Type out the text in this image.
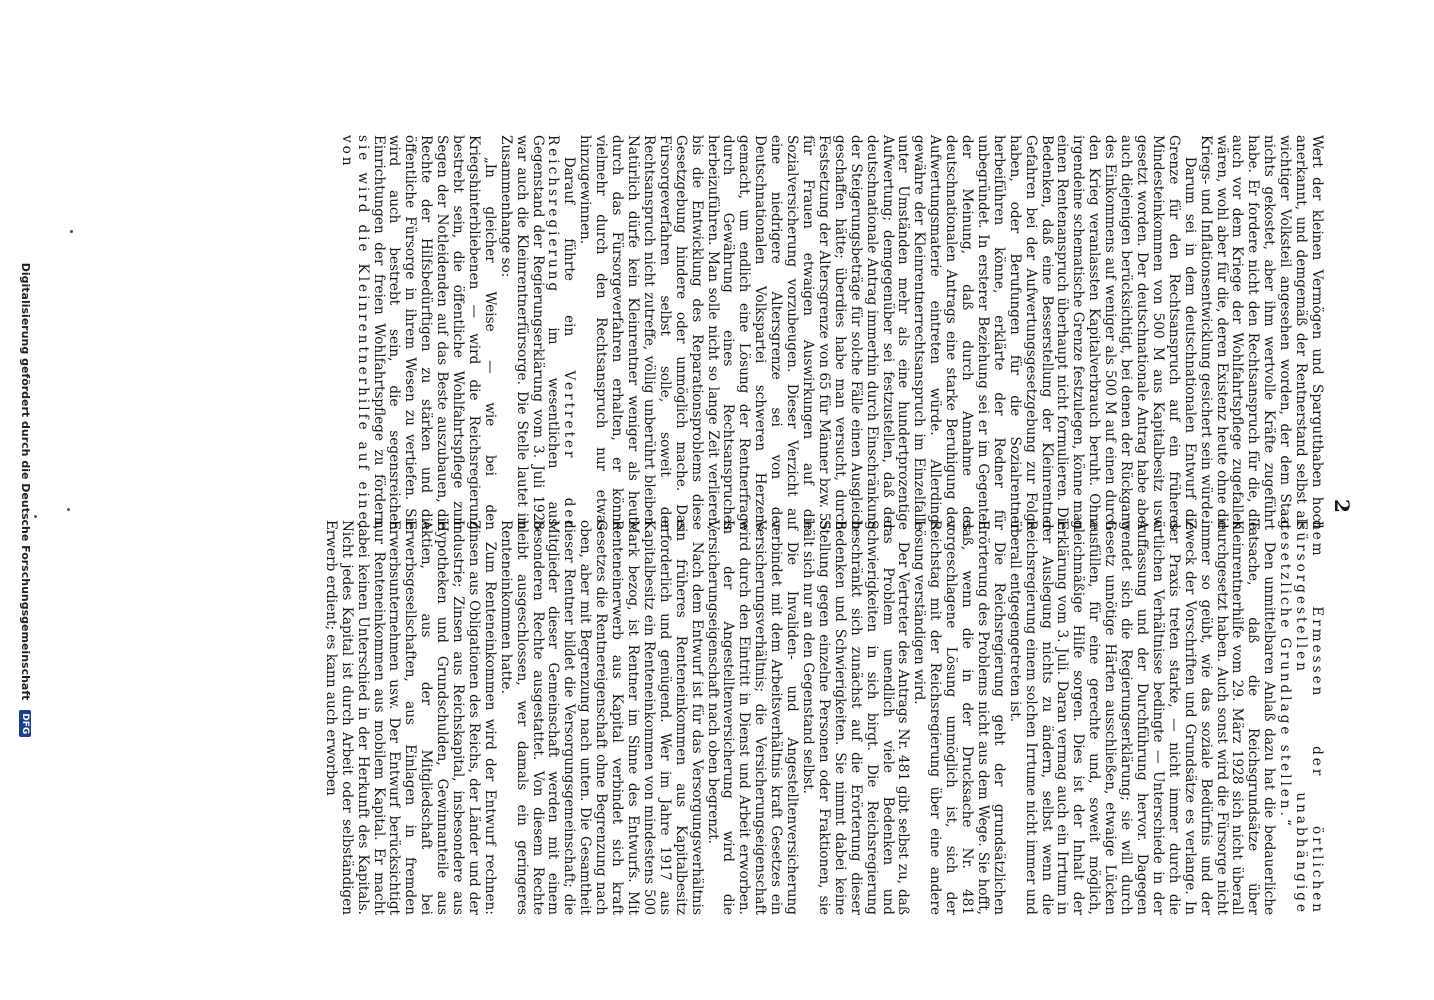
2

Wert der kleinen Vermögen und Spargutthaben hoch anerkannt, und demgemäß der Rentnerstand selbst als wichtiger Volksteil angesehen worden, der dem Staat nichts gekostet, aber ihm wertvolle Kräfte zugeführt habe. Er fordere nicht den Rechtsanspruch für die, die auch vor dem Kriege der Wohlfahrtspflege zugefallen wären, wohl aber für die, deren Existenz heute ohne die Kriegs- und Inflationsentwicklung gesichert sein würde.

Darum sei in dem deutschnationalen Entwurf die Grenze für den Rechtsanspruch auf ein früheres Mindesteinkommen von 500 M aus Kapitalbesitz usw. gesetzt worden. Der deutschnationale Antrag habe aber auch diejenigen berücksichtigt, bei denen der Rückgang des Einkommens auf weniger als 500 M auf einen durch den Krieg veranlassten Kapitalverbrauch beruht. Ohne irgendeine schematische Grenze festzulegen, könne man einen Rentenanspruch überhaupt nicht formulieren. Die Bedenken, daß eine Besserstellung der Kleinrentner Gefahren bei der Aufwertungsgesetzgebung zur Folge haben, oder Berufungen für die Sozialrentner herbeiführen könne, erklärte der Redner für unbegründet. In ersterer Beziehung sei er im Gegenteil der Meinung, daß durch Annahme des deutschnationalen Antrags eine starke Beruhigung der Aufwertungsmaterie eintreten würde. Allerdings gewähre der Kleinrentnerrechtsanspruch im Einzelfalle unter Umständen mehr als eine hundertprozentige Aufwertung; demgegenüber sei festzustellen, daß der deutschnationale Antrag immerhin durch Einschränkung der Steigerungsbeträge für solche Fälle einen Ausgleich geschaffen hätte; überdies habe man versucht, durch Festsetzung der Altersgrenze von 65 für Männer bzw. 55 für Frauen etwaigen Auswirkungen auf die Sozialversicherung vorzubeugen. Dieser Verzicht auf eine niedrigere Altersgrenze sei von der Deutschnationalen Volkspartei schweren Herzens gemacht, um endlich eine Lösung der Rentnerfrage durch Gewährung eines Rechtsanspruches herbeizuführen. Man solle nicht so lange Zeit verlieren, bis die Entwicklung des Reparationsproblems diese Gesetzgebung hindere oder unmöglich mache. Das Fürsorgeverfahren selbst solle, soweit der Rechtsanspruch nicht zutreffe, völlig unberührt bleiben. Natürlich dürfe kein Kleinrentner weniger als heute durch das Fürsorgeverfahren erhalten, er könne vielmehr durch den Rechtsanspruch nur etwas hinzugewinnen.

Darauf führte ein Vertreter der Reichsregierung im wesentlichen aus: Gegenstand der Regierungserklärung vom 3. Juli 1928 war auch die Kleinrentnerfürsorge. Die Stelle lautet im Zusammenhange so:

„In gleicher Weise — wie bei den Kriegshinterbliebenen — wird die Reichsregierung bestrebt sein, die öffentliche Wohlfahrtspflege zum Segen der Notleidenden auf das Beste auszubauen, die Rechte der Hilfsbedürftigen zu stärken und die öffentliche Fürsorge in ihrem Wesen zu vertiefen. Sie wird auch bestrebt sein, die segensreichen Einrichtungen der freien Wohlfahrtspflege zu fördern, sie wird die Kleinrentnerhilfe auf eine, von

dem Ermessen der örtlichen Fürsorgestellen unabhängige gesetzliche Grundlage stellen.“

Den unmittelbaren Anlaß dazu hat die bedauerliche Tatsache, daß die Reichsgrundsätze über Kleinrentnerhilfe vom 29. März 1928 sich nicht überall durchgesetzt haben. Auch sonst wird die Fürsorge nicht immer so geübt, wie das soziale Bedürfnis und der Zweck der Vorschriften und Grundsätze es verlange. In der Praxis treten starke, — nicht immer durch die örtlichen Verhältnisse bedingte — Unterschiede in der Auffassung und der Durchführung hervor. Dagegen wendet sich die Regierungserklärung; sie will durch Gesetz unnötige Härten ausschließen, etwaige Lücken ausfüllen, für eine gerechte und, soweit möglich, gleichmäßige Hilfe sorgen. Dies ist der Inhalt der Erklärung vom 3. Juli. Daran vermag auch ein Irrtum in der Auslegung nichts zu ändern, selbst wenn die Reichsregierung einem solchen Irrtume nicht immer und überall entgegengetreten ist.

Die Reichsregierung geht der grundsätzlichen Erörterung des Problems nicht aus dem Wege. Sie hofft, daß, wenn die in der Drucksache Nr. 481 vorgeschlagene Lösung unmöglich ist, sich der Reichstag mit der Reichsregierung über eine andere Lösung verständigen wird.

Der Vertreter des Antrags Nr. 481 gibt selbst zu, daß das Problem unendlich viele Bedenken und Schwierigkeiten in sich birgt. Die Reichsregierung beschränkt sich zunächst auf die Erörterung dieser Bedenken und Schwierigkeiten. Sie nimmt dabei keine Stellung gegen einzelne Personen oder Fraktionen, sie hält sich nur an den Gegenstand selbst.

Die Invaliden- und Angestelltenversicherung verbindet mit dem Arbeitsverhältnis kraft Gesetzes ein Versicherungsverhältnis; die Versicherungseigenschaft wird durch den Eintritt in Dienst und Arbeit erworben. In der Angestelltenversicherung wird die Versicherungseigenschaft nach oben begrenzt.

Nach dem Entwurf ist für das Versorgungsverhältnis ein früheres Renteneinkommen aus Kapitalbesitz erforderlich und genügend. Wer im Jahre 1917 aus Kapitalbesitz ein Renteneinkommen von mindestens 500 Mark bezog, ist Rentner im Sinne des Entwurfs. Mit Renteneinerwerb aus Kapital verbindet sich kraft Gesetzes die Rentnereigenschaft ohne Begrenzung nach oben, aber mit Begrenzung nach unten. Die Gesamtheit dieser Rentner bildet die Versorgungsgemeinschaft; die Mitglieder dieser Gemeinschaft werden mit einem besonderen Rechte ausgestattet. Von diesem Rechte bleibt ausgeschlossen, wer damals ein geringeres Renteneinkommen hatte.

Zum Renteneinkommen wird der Entwurf rechnen: Zinsen aus Obligationen des Reichs, der Länder und der Industrie; Zinsen aus Reichskapital, insbesondere aus Hypotheken und Grundschulden, Gewinnanteile aus Aktien, aus der Mitgliedschaft bei Erwerbsgesellschaften, aus Einlagen in fremden Erwerbsunternehmen usw. Der Entwurf berücksichtigt nur Renteneinkommen aus mobilem Kapital. Er macht dabei keinen Unterschied in der Herkunft des Kapitals. Nicht jedes Kapital ist durch Arbeit oder selbständigen Erwerb erdient; es kann auch erworben

Digitalisierung gefördert durch die Deutsche Forschungsgemeinschaft DFG
